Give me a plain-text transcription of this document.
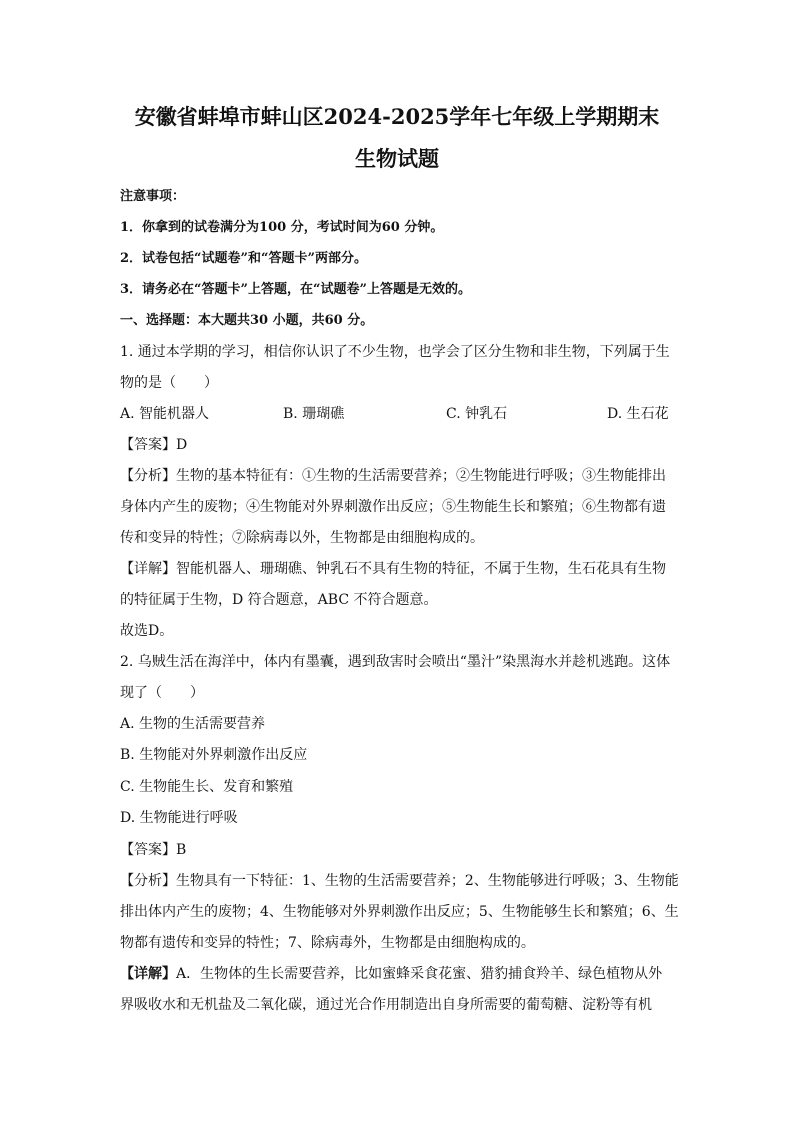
安徽省蚌埠市蚌山区2024-2025学年七年级上学期期末
生物试题
注意事项：
1．你拿到的试卷满分为100 分，考试时间为60 分钟。
2．试卷包括“试题卷”和“答题卡”两部分。
3．请务必在“答题卡”上答题，在“试题卷”上答题是无效的。
一、选择题：本大题共30 小题，共60 分。
1. 通过本学期的学习，相信你认识了不少生物，也学会了区分生物和非生物，下列属于生
物的是（　　）
A. 智能机器人	B. 珊瑚礁	C. 钟乳石	D. 生石花
【答案】D
【分析】生物的基本特征有：①生物的生活需要营养；②生物能进行呼吸；③生物能排出
身体内产生的废物；④生物能对外界刺激作出反应；⑤生物能生长和繁殖；⑥生物都有遗
传和变异的特性；⑦除病毒以外，生物都是由细胞构成的。
【详解】智能机器人、珊瑚礁、钟乳石不具有生物的特征，不属于生物，生石花具有生物
的特征属于生物，D 符合题意，ABC 不符合题意。
故选D。
2. 乌贼生活在海洋中，体内有墨囊，遇到敌害时会喷出“墨汁”染黑海水并趁机逃跑。这体
现了（　　）
A. 生物的生活需要营养
B. 生物能对外界刺激作出反应
C. 生物能生长、发育和繁殖
D. 生物能进行呼吸
【答案】B
【分析】生物具有一下特征：1、生物的生活需要营养；2、生物能够进行呼吸；3、生物能
排出体内产生的废物；4、生物能够对外界刺激作出反应；5、生物能够生长和繁殖；6、生
物都有遗传和变异的特性；7、除病毒外，生物都是由细胞构成的。
【详解】A．生物体的生长需要营养，比如蜜蜂采食花蜜、猎豹捕食羚羊、绿色植物从外
界吸收水和无机盐及二氧化碳，通过光合作用制造出自身所需要的葡萄糖、淀粉等有机
